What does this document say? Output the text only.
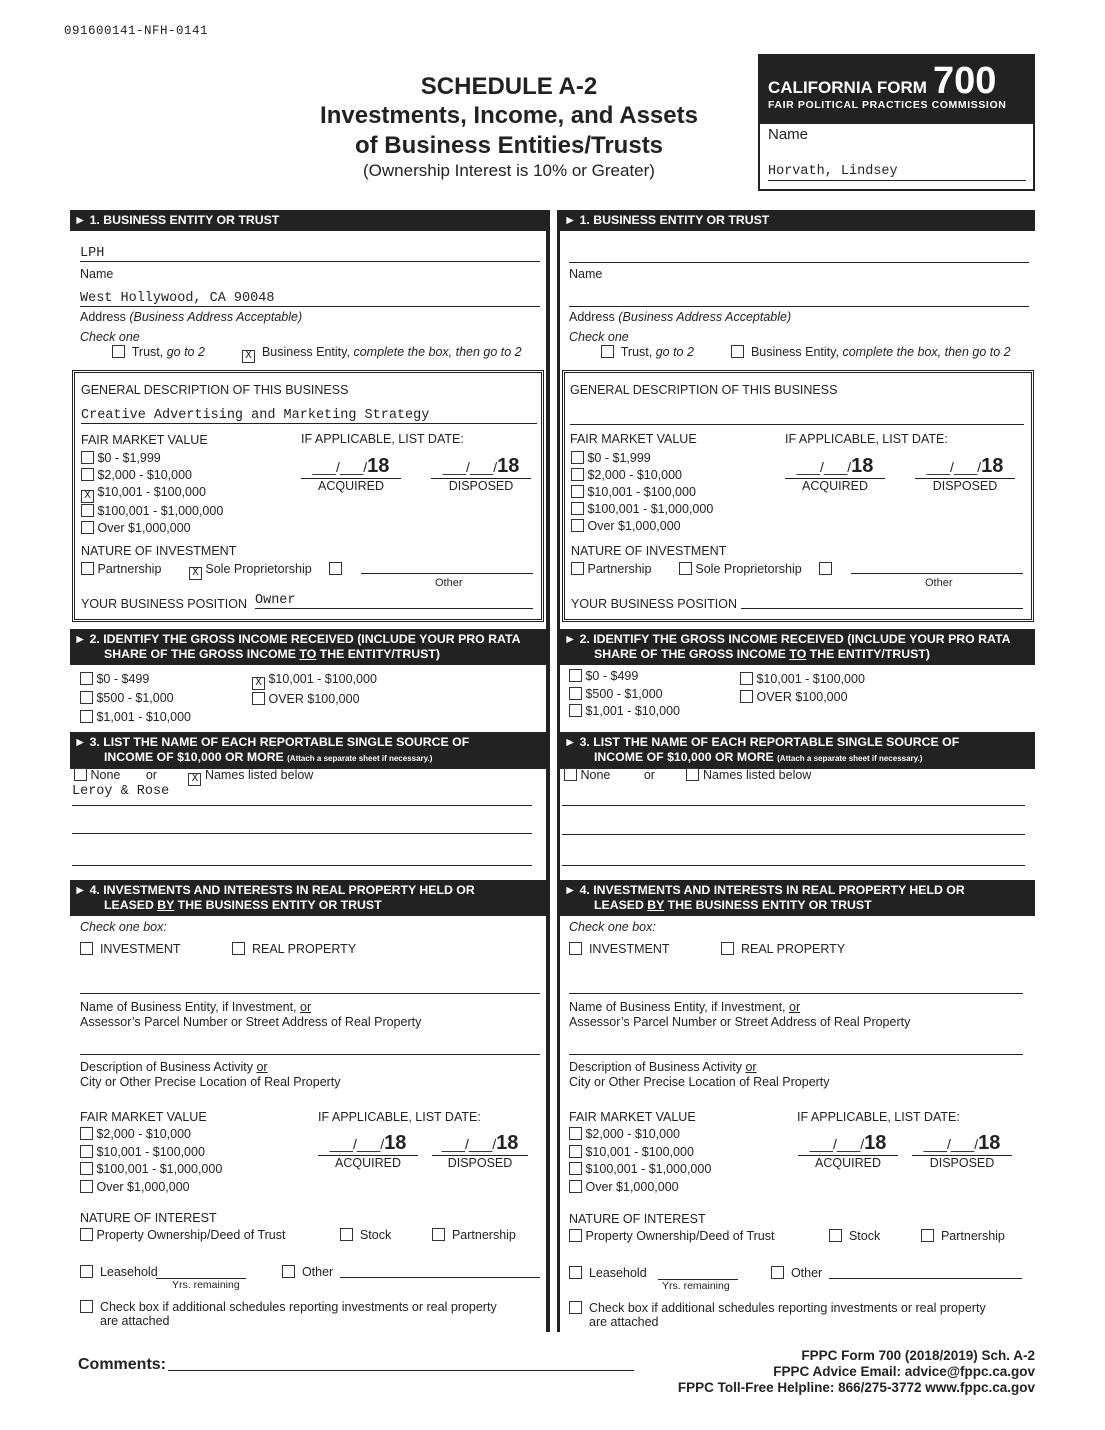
091600141-NFH-0141
SCHEDULE A-2
Investments, Income, and Assets
of Business Entities/Trusts
(Ownership Interest is 10% or Greater)
CALIFORNIA FORM 700
FAIR POLITICAL PRACTICES COMMISSION
Name
Horvath, Lindsey
► 1. BUSINESS ENTITY OR TRUST
LPH
Name
West Hollywood, CA 90048
Address (Business Address Acceptable)
Check one
Trust, go to 2	X Business Entity, complete the box, then go to 2
GENERAL DESCRIPTION OF THIS BUSINESS
Creative Advertising and Marketing Strategy
FAIR MARKET VALUE	IF APPLICABLE, LIST DATE:
$0 - $1,999
$2,000 - $10,000
X $10,001 - $100,000
$100,001 - $1,000,000
Over $1,000,000
___/___/18
ACQUIRED
___/___/18
DISPOSED
NATURE OF INVESTMENT
Partnership	X Sole Proprietorship
Other
YOUR BUSINESS POSITION Owner
► 2. IDENTIFY THE GROSS INCOME RECEIVED (INCLUDE YOUR PRO RATA
SHARE OF THE GROSS INCOME TO THE ENTITY/TRUST)
$0 - $499
$500 - $1,000
$1,001 - $10,000
X $10,001 - $100,000
OVER $100,000
► 3. LIST THE NAME OF EACH REPORTABLE SINGLE SOURCE OF
INCOME OF $10,000 OR MORE (Attach a separate sheet if necessary.)
None or	X Names listed below
Leroy & Rose
► 4. INVESTMENTS AND INTERESTS IN REAL PROPERTY HELD OR
LEASED BY THE BUSINESS ENTITY OR TRUST
Check one box:
INVESTMENT	REAL PROPERTY
Name of Business Entity, if Investment, or
Assessor’s Parcel Number or Street Address of Real Property
Description of Business Activity or
City or Other Precise Location of Real Property
FAIR MARKET VALUE	IF APPLICABLE, LIST DATE:
$2,000 - $10,000
$10,001 - $100,000
$100,001 - $1,000,000
Over $1,000,000
___/___/18
ACQUIRED
___/___/18
DISPOSED
NATURE OF INTEREST
Property Ownership/Deed of Trust	Stock	Partnership
Leasehold
Yrs. remaining
Other
Check box if additional schedules reporting investments or real property
are attached
► 1. BUSINESS ENTITY OR TRUST
Name
Address (Business Address Acceptable)
Check one
Trust, go to 2	Business Entity, complete the box, then go to 2
GENERAL DESCRIPTION OF THIS BUSINESS
FAIR MARKET VALUE	IF APPLICABLE, LIST DATE:
$0 - $1,999
$2,000 - $10,000
$10,001 - $100,000
$100,001 - $1,000,000
Over $1,000,000
___/___/18
ACQUIRED
___/___/18
DISPOSED
NATURE OF INVESTMENT
Partnership	Sole Proprietorship
Other
YOUR BUSINESS POSITION
► 2. IDENTIFY THE GROSS INCOME RECEIVED (INCLUDE YOUR PRO RATA
SHARE OF THE GROSS INCOME TO THE ENTITY/TRUST)
$0 - $499
$500 - $1,000
$1,001 - $10,000
$10,001 - $100,000
OVER $100,000
► 3. LIST THE NAME OF EACH REPORTABLE SINGLE SOURCE OF
INCOME OF $10,000 OR MORE (Attach a separate sheet if necessary.)
None	or	Names listed below
► 4. INVESTMENTS AND INTERESTS IN REAL PROPERTY HELD OR
LEASED BY THE BUSINESS ENTITY OR TRUST
Check one box:
INVESTMENT	REAL PROPERTY
Name of Business Entity, if Investment, or
Assessor’s Parcel Number or Street Address of Real Property
Description of Business Activity or
City or Other Precise Location of Real Property
FAIR MARKET VALUE	IF APPLICABLE, LIST DATE:
$2,000 - $10,000
$10,001 - $100,000
$100,001 - $1,000,000
Over $1,000,000
___/___/18
ACQUIRED
___/___/18
DISPOSED
NATURE OF INTEREST
Property Ownership/Deed of Trust	Stock	Partnership
Leasehold
Yrs. remaining
Other
Check box if additional schedules reporting investments or real property
are attached
Comments:
FPPC Form 700 (2018/2019) Sch. A-2
FPPC Advice Email: advice@fppc.ca.gov
FPPC Toll-Free Helpline: 866/275-3772 www.fppc.ca.gov
